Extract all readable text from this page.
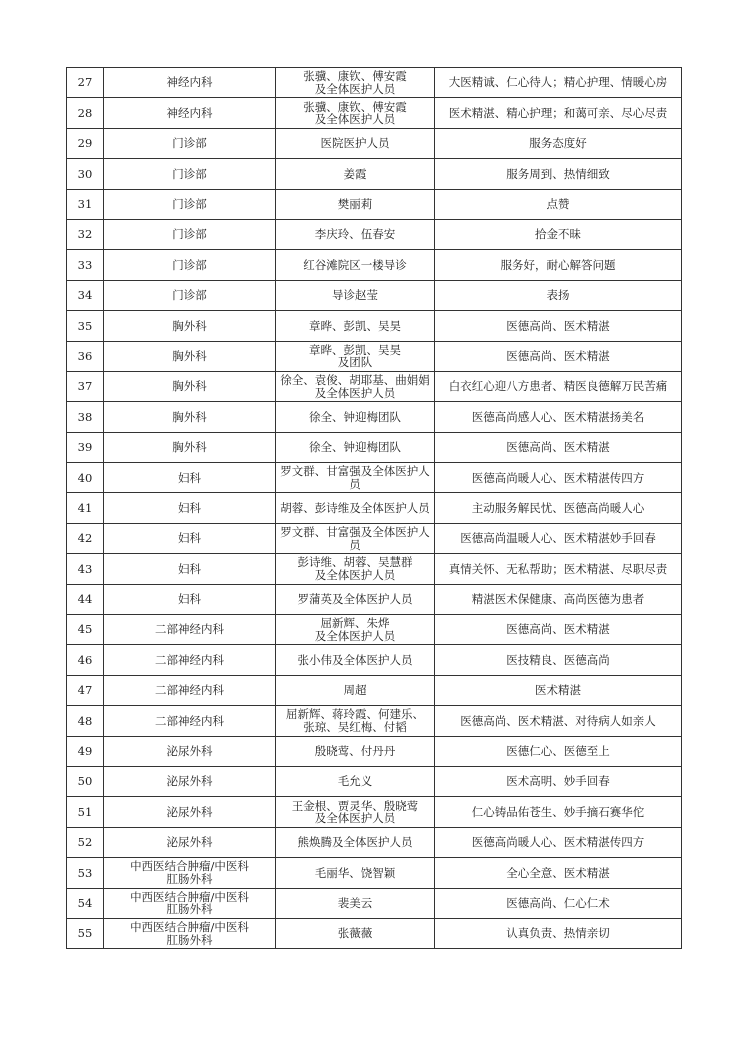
27	神经内科	张骥、康钦、傅安霞
及全体医护人员	大医精诚、仁心待人；精心护理、情暖心房
28	神经内科	张骥、康钦、傅安霞
及全体医护人员	医术精湛、精心护理；和蔼可亲、尽心尽责
29	门诊部	医院医护人员	服务态度好
30	门诊部	姜霞	服务周到、热情细致
31	门诊部	樊丽莉	点赞
32	门诊部	李庆玲、伍春安	拾金不昧
33	门诊部	红谷滩院区一楼导诊	服务好，耐心解答问题
34	门诊部	导诊赵莹	表扬
35	胸外科	章晔、彭凯、吴昊	医德高尚、医术精湛
36	胸外科	章晔、彭凯、吴昊
及团队	医德高尚、医术精湛
37	胸外科	徐全、袁俊、胡耶基、曲娟娟
及全体医护人员	白衣红心迎八方患者、精医良德解万民苦痛
38	胸外科	徐全、钟迎梅团队	医德高尚感人心、医术精湛扬美名
39	胸外科	徐全、钟迎梅团队	医德高尚、医术精湛
40	妇科	罗文群、甘富强及全体医护人员	医德高尚暖人心、医术精湛传四方
41	妇科	胡蓉、彭诗维及全体医护人员	主动服务解民忧、医德高尚暖人心
42	妇科	罗文群、甘富强及全体医护人员	医德高尚温暖人心、医术精湛妙手回春
43	妇科	彭诗维、胡蓉、吴慧群
及全体医护人员	真情关怀、无私帮助；医术精湛、尽职尽责
44	妇科	罗蒲英及全体医护人员	精湛医术保健康、高尚医德为患者
45	二部神经内科	屈新辉、朱烨
及全体医护人员	医德高尚、医术精湛
46	二部神经内科	张小伟及全体医护人员	医技精良、医德高尚
47	二部神经内科	周超	医术精湛
48	二部神经内科	屈新辉、蒋玲霞、何建乐、
张琼、吴红梅、付韬	医德高尚、医术精湛、对待病人如亲人
49	泌尿外科	殷晓莺、付丹丹	医德仁心、医德至上
50	泌尿外科	毛允义	医术高明、妙手回春
51	泌尿外科	王金根、贾灵华、殷晓莺
及全体医护人员	仁心铸品佑苍生、妙手摘石赛华佗
52	泌尿外科	熊焕腾及全体医护人员	医德高尚暖人心、医术精湛传四方
53	中西医结合肿瘤/中医科
肛肠外科	毛丽华、饶智颖	全心全意、医术精湛
54	中西医结合肿瘤/中医科
肛肠外科	裴美云	医德高尚、仁心仁术
55	中西医结合肿瘤/中医科
肛肠外科	张薇薇	认真负责、热情亲切
